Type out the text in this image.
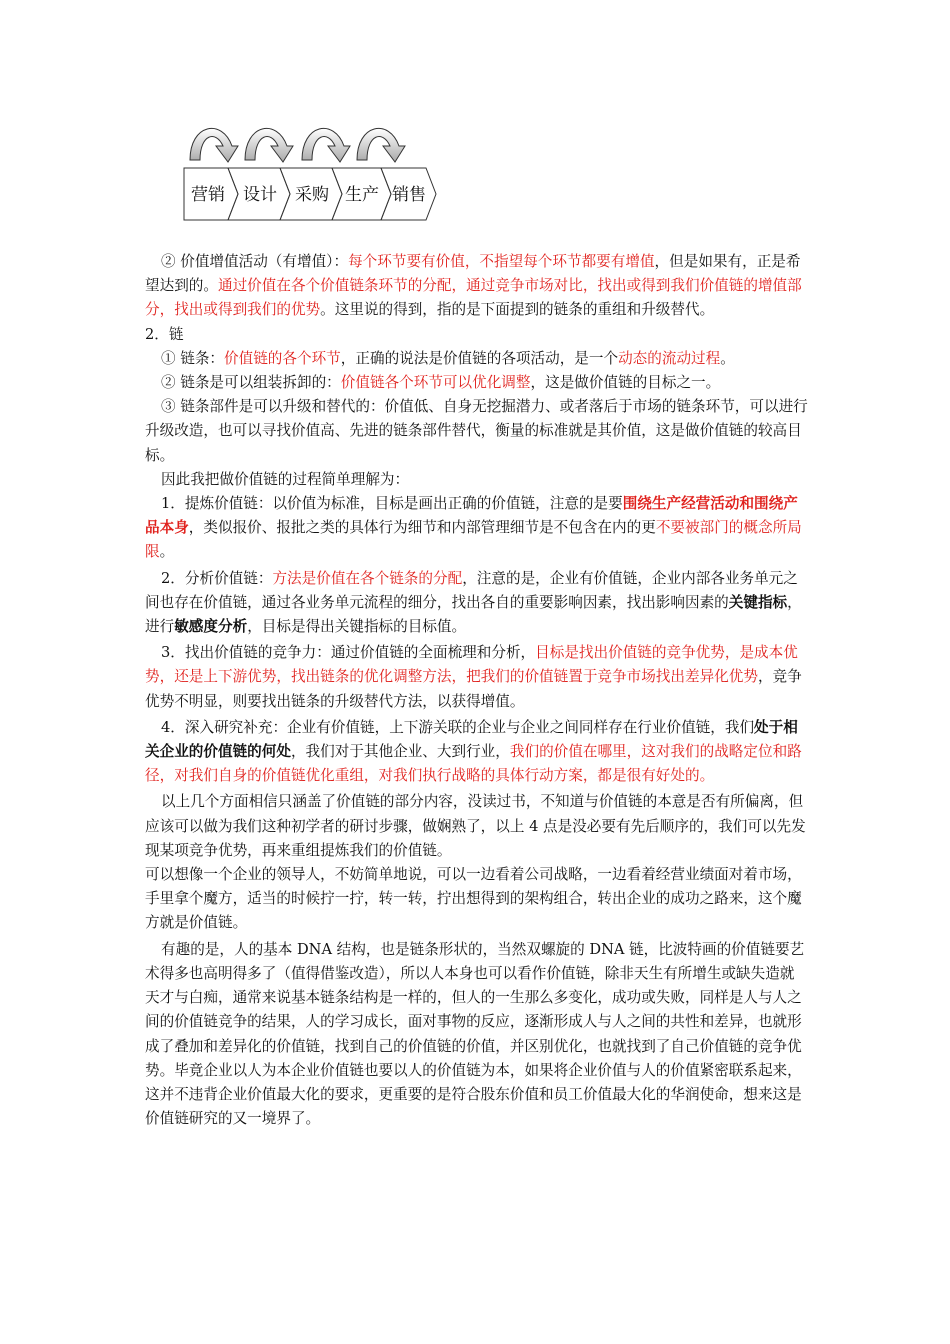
营销 设计 采购 生产 销售

② 价值增值活动（有增值）：每个环节要有价值，不指望每个环节都要有增值，但是如果有，正是希望达到的。通过价值在各个价值链条环节的分配，通过竞争市场对比，找出或得到我们价值链的增值部分，找出或得到我们的优势。这里说的得到，指的是下面提到的链条的重组和升级替代。

2．链

① 链条：价值链的各个环节，正确的说法是价值链的各项活动，是一个动态的流动过程。

② 链条是可以组装拆卸的：价值链各个环节可以优化调整，这是做价值链的目标之一。

③ 链条部件是可以升级和替代的：价值低、自身无挖掘潜力、或者落后于市场的链条环节，可以进行升级改造，也可以寻找价值高、先进的链条部件替代，衡量的标准就是其价值，这是做价值链的较高目标。

因此我把做价值链的过程简单理解为：

1．提炼价值链：以价值为标准，目标是画出正确的价值链，注意的是要围绕生产经营活动和围绕产品本身，类似报价、报批之类的具体行为细节和内部管理细节是不包含在内的更不要被部门的概念所局限。

2．分析价值链：方法是价值在各个链条的分配，注意的是，企业有价值链，企业内部各业务单元之间也存在价值链，通过各业务单元流程的细分，找出各自的重要影响因素，找出影响因素的关键指标，进行敏感度分析，目标是得出关键指标的目标值。

3．找出价值链的竞争力：通过价值链的全面梳理和分析，目标是找出价值链的竞争优势，是成本优势，还是上下游优势，找出链条的优化调整方法，把我们的价值链置于竞争市场找出差异化优势，竞争优势不明显，则要找出链条的升级替代方法，以获得增值。

4．深入研究补充：企业有价值链，上下游关联的企业与企业之间同样存在行业价值链，我们处于相关企业的价值链的何处，我们对于其他企业、大到行业，我们的价值在哪里，这对我们的战略定位和路径，对我们自身的价值链优化重组，对我们执行战略的具体行动方案，都是很有好处的。

以上几个方面相信只涵盖了价值链的部分内容，没读过书，不知道与价值链的本意是否有所偏离，但应该可以做为我们这种初学者的研讨步骤，做娴熟了，以上 4 点是没必要有先后顺序的，我们可以先发现某项竞争优势，再来重组提炼我们的价值链。

可以想像一个企业的领导人，不妨简单地说，可以一边看着公司战略，一边看着经营业绩面对着市场，手里拿个魔方，适当的时候拧一拧，转一转，拧出想得到的架构组合，转出企业的成功之路来，这个魔方就是价值链。

有趣的是，人的基本 DNA 结构，也是链条形状的，当然双螺旋的 DNA 链，比波特画的价值链要艺术得多也高明得多了（值得借鉴改造），所以人本身也可以看作价值链，除非天生有所增生或缺失造就天才与白痴，通常来说基本链条结构是一样的，但人的一生那么多变化，成功或失败，同样是人与人之间的价值链竞争的结果，人的学习成长，面对事物的反应，逐渐形成人与人之间的共性和差异，也就形成了叠加和差异化的价值链，找到自己的价值链的价值，并区别优化，也就找到了自己价值链的竞争优势。毕竟企业以人为本企业价值链也要以人的价值链为本，如果将企业价值与人的价值紧密联系起来，这并不违背企业价值最大化的要求，更重要的是符合股东价值和员工价值最大化的华润使命，想来这是价值链研究的又一境界了。
